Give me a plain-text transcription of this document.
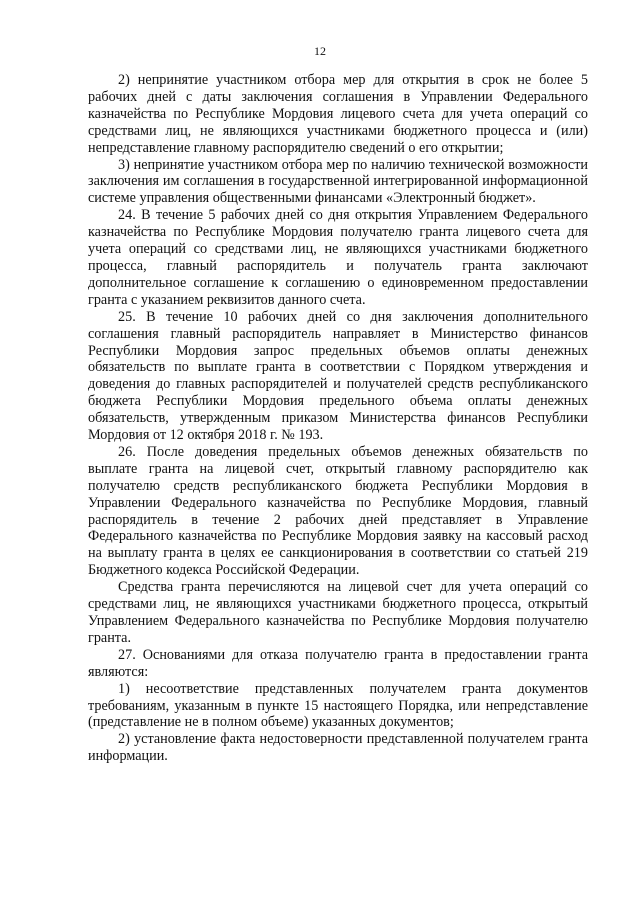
12

2) непринятие участником отбора мер для открытия в срок не более 5 рабочих дней с даты заключения соглашения в Управлении Федерального казначейства по Республике Мордовия лицевого счета для учета операций со средствами лиц, не являющихся участниками бюджетного процесса и (или) непредставление главному распорядителю сведений о его открытии;

3) непринятие участником отбора мер по наличию технической возможности заключения им соглашения в государственной интегрированной информационной системе управления общественными финансами «Электронный бюджет».

24. В течение 5 рабочих дней со дня открытия Управлением Федерального казначейства по Республике Мордовия получателю гранта лицевого счета для учета операций со средствами лиц, не являющихся участниками бюджетного процесса, главный распорядитель и получатель гранта заключают дополнительное соглашение к соглашению о единовременном предоставлении гранта с указанием реквизитов данного счета.

25. В течение 10 рабочих дней со дня заключения дополнительного соглашения главный распорядитель направляет в Министерство финансов Республики Мордовия запрос предельных объемов оплаты денежных обязательств по выплате гранта в соответствии с Порядком утверждения и доведения до главных распорядителей и получателей средств республиканского бюджета Республики Мордовия предельного объема оплаты денежных обязательств, утвержденным приказом Министерства финансов Республики Мордовия от 12 октября 2018 г. № 193.

26. После доведения предельных объемов денежных обязательств по выплате гранта на лицевой счет, открытый главному распорядителю как получателю средств республиканского бюджета Республики Мордовия в Управлении Федерального казначейства по Республике Мордовия, главный распорядитель в течение 2 рабочих дней представляет в Управление Федерального казначейства по Республике Мордовия заявку на кассовый расход на выплату гранта в целях ее санкционирования в соответствии со статьей 219 Бюджетного кодекса Российской Федерации.

Средства гранта перечисляются на лицевой счет для учета операций со средствами лиц, не являющихся участниками бюджетного процесса, открытый Управлением Федерального казначейства по Республике Мордовия получателю гранта.

27. Основаниями для отказа получателю гранта в предоставлении гранта являются:

1) несоответствие представленных получателем гранта документов требованиям, указанным в пункте 15 настоящего Порядка, или непредставление (представление не в полном объеме) указанных документов;

2) установление факта недостоверности представленной получателем гранта информации.
